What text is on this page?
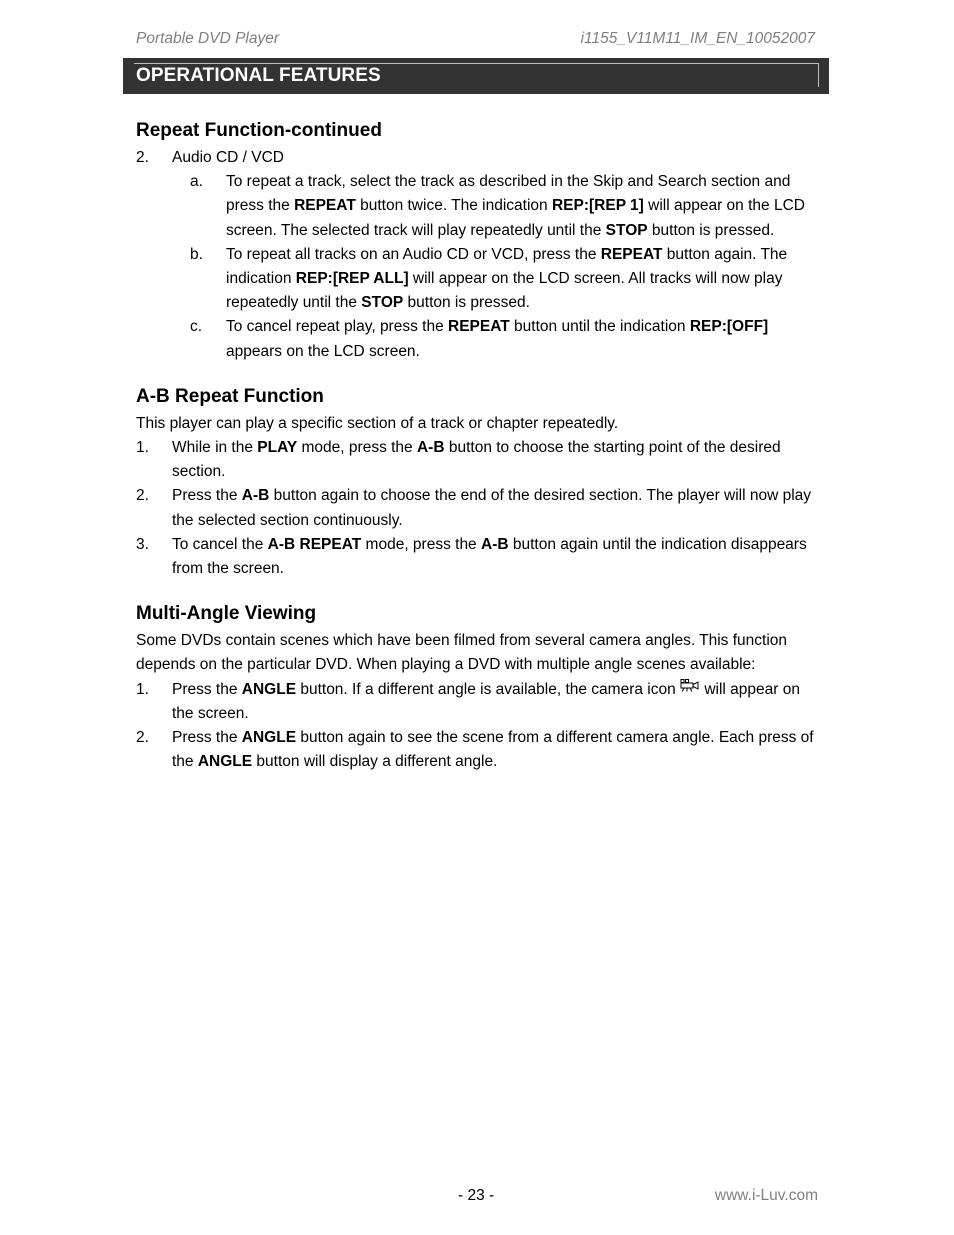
Portable DVD Player	i1155_V11M11_IM_EN_10052007
OPERATIONAL FEATURES
Repeat Function-continued
2. Audio CD / VCD
a. To repeat a track, select the track as described in the Skip and Search section and press the REPEAT button twice. The indication REP:[REP 1] will appear on the LCD screen. The selected track will play repeatedly until the STOP button is pressed.

b. To repeat all tracks on an Audio CD or VCD, press the REPEAT button again. The indication REP:[REP ALL] will appear on the LCD screen. All tracks will now play repeatedly until the STOP button is pressed.

c. To cancel repeat play, press the REPEAT button until the indication REP:[OFF] appears on the LCD screen.

A-B Repeat Function

This player can play a specific section of a track or chapter repeatedly.

1. While in the PLAY mode, press the A-B button to choose the starting point of the desired section.

2. Press the A-B button again to choose the end of the desired section. The player will now play the selected section continuously.

3. To cancel the A-B REPEAT mode, press the A-B button again until the indication disappears from the screen.

Multi-Angle Viewing

Some DVDs contain scenes which have been filmed from several camera angles. This function depends on the particular DVD. When playing a DVD with multiple angle scenes available:

1. Press the ANGLE button. If a different angle is available, the camera icon  will appear on the screen.

2. Press the ANGLE button again to see the scene from a different camera angle. Each press of the ANGLE button will display a different angle.

- 23 -	www.i-Luv.com
